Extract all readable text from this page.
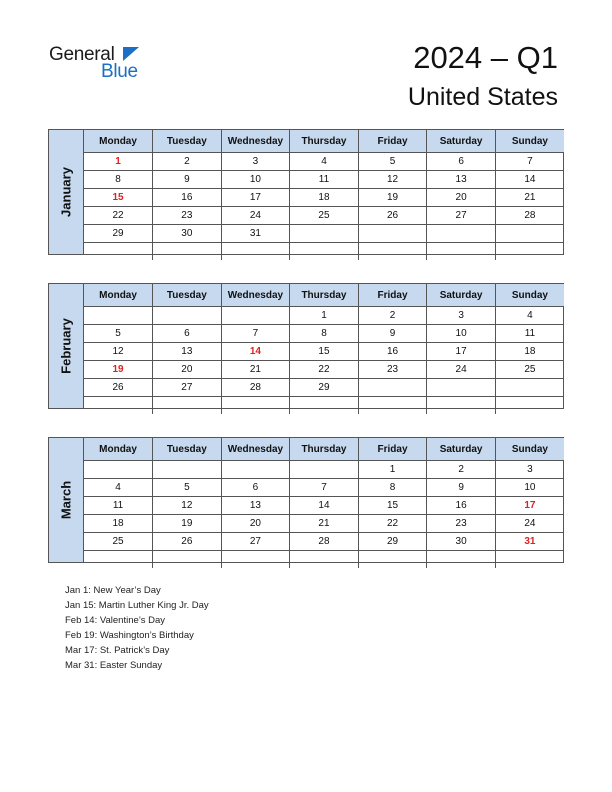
General
Blue	2024 – Q1
United States
January
Monday	Tuesday	Wednesday	Thursday	Friday	Saturday	Sunday
1	2	3	4	5	6	7
8	9	10	11	12	13	14
15	16	17	18	19	20	21
22	23	24	25	26	27	28
29	30	31				

February
Monday	Tuesday	Wednesday	Thursday	Friday	Saturday	Sunday
			1	2	3	4
5	6	7	8	9	10	11
12	13	14	15	16	17	18
19	20	21	22	23	24	25
26	27	28	29			

March
Monday	Tuesday	Wednesday	Thursday	Friday	Saturday	Sunday
				1	2	3
4	5	6	7	8	9	10
11	12	13	14	15	16	17
18	19	20	21	22	23	24
25	26	27	28	29	30	31

Jan 1: New Year’s Day
Jan 15: Martin Luther King Jr. Day
Feb 14: Valentine’s Day
Feb 19: Washington’s Birthday
Mar 17: St. Patrick’s Day
Mar 31: Easter Sunday
